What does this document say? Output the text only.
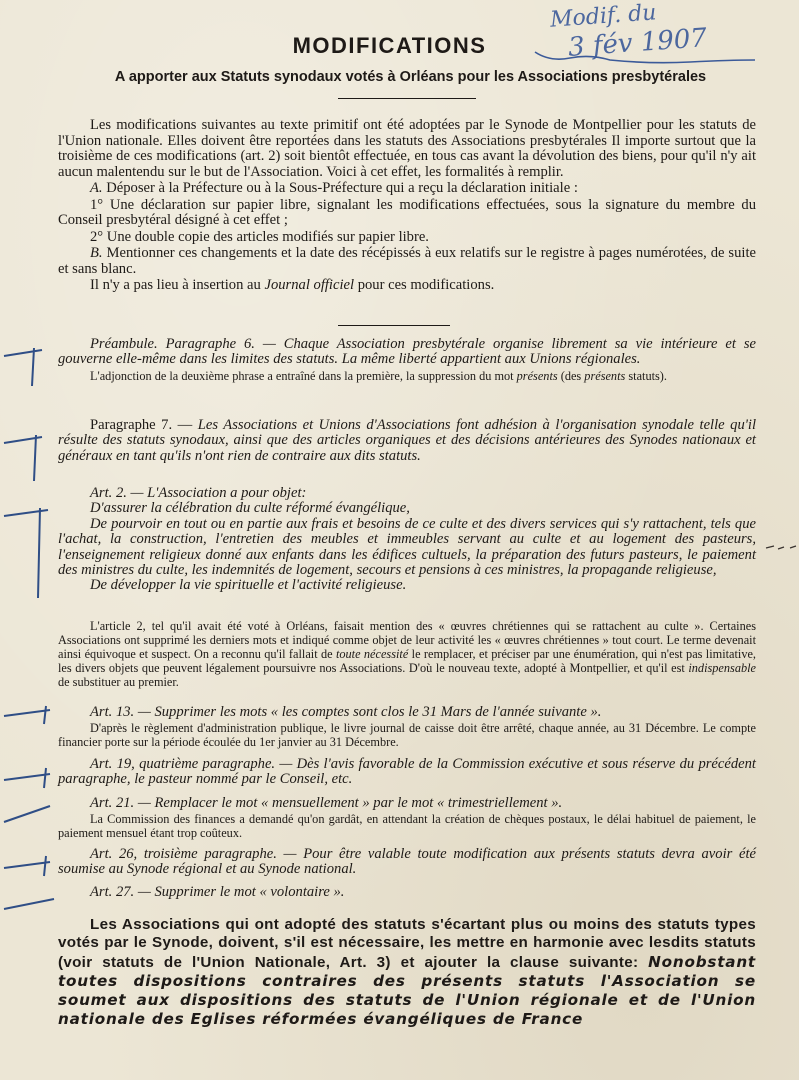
MODIFICATIONS
Modif. du
3 fév 1907
A apporter aux Statuts synodaux votés à Orléans pour les Associations presbytérales

Les modifications suivantes au texte primitif ont été adoptées par le Synode de Montpellier pour les statuts de l'Union nationale. Elles doivent être reportées dans les statuts des Associations presbytérales Il importe surtout que la troisième de ces modifications (art. 2) soit bientôt effectuée, en tous cas avant la dévolution des biens, pour qu'il n'y ait aucun malentendu sur le but de l'Association. Voici à cet effet, les formalités à remplir.

A. Déposer à la Préfecture ou à la Sous-Préfecture qui a reçu la déclaration initiale :

1° Une déclaration sur papier libre, signalant les modifications effectuées, sous la signature du membre du Conseil presbytéral désigné à cet effet ;

2° Une double copie des articles modifiés sur papier libre.

B. Mentionner ces changements et la date des récépissés à eux relatifs sur le registre à pages numérotées, de suite et sans blanc.

Il n'y a pas lieu à insertion au Journal officiel pour ces modifications.

Préambule. Paragraphe 6. — Chaque Association presbytérale organise librement sa vie intérieure et se gouverne elle-même dans les limites des statuts. La même liberté appartient aux Unions régionales.

L'adjonction de la deuxième phrase a entraîné dans la première, la suppression du mot présents (des présents statuts).

Paragraphe 7. — Les Associations et Unions d'Associations font adhésion à l'organisation synodale telle qu'il résulte des statuts synodaux, ainsi que des articles organiques et des décisions antérieures des Synodes nationaux et généraux en tant qu'ils n'ont rien de contraire aux dits statuts.

Art. 2. — L'Association a pour objet:

D'assurer la célébration du culte réformé évangélique,

De pourvoir en tout ou en partie aux frais et besoins de ce culte et des divers services qui s'y rattachent, tels que l'achat, la construction, l'entretien des meubles et immeubles servant au culte et au logement des pasteurs, l'enseignement religieux donné aux enfants dans les édifices cultuels, la préparation des futurs pasteurs, le paiement des ministres du culte, les indemnités de logement, secours et pensions à ces ministres, la propagande religieuse,

De développer la vie spirituelle et l'activité religieuse.

L'article 2, tel qu'il avait été voté à Orléans, faisait mention des « œuvres chrétiennes qui se rattachent au culte ». Certaines Associations ont supprimé les derniers mots et indiqué comme objet de leur activité les « œuvres chrétiennes » tout court. Le terme devenait ainsi équivoque et suspect. On a reconnu qu'il fallait de toute nécessité le remplacer, et préciser par une énumération, qui n'est pas limitative, les divers objets que peuvent légalement poursuivre nos Associations. D'où le nouveau texte, adopté à Montpellier, et qu'il est indispensable de substituer au premier.

Art. 13. — Supprimer les mots « les comptes sont clos le 31 Mars de l'année suivante ».

D'après le règlement d'administration publique, le livre journal de caisse doit être arrêté, chaque année, au 31 Décembre. Le compte financier porte sur la période écoulée du 1er janvier au 31 Décembre.

Art. 19, quatrième paragraphe. — Dès l'avis favorable de la Commission exécutive et sous réserve du précédent paragraphe, le pasteur nommé par le Conseil, etc.

Art. 21. — Remplacer le mot « mensuellement » par le mot « trimestriellement ».

La Commission des finances a demandé qu'on gardât, en attendant la création de chèques postaux, le délai habituel de paiement, le paiement mensuel étant trop coûteux.

Art. 26, troisième paragraphe. — Pour être valable toute modification aux présents statuts devra avoir été soumise au Synode régional et au Synode national.

Art. 27. — Supprimer le mot « volontaire ».

Les Associations qui ont adopté des statuts s'écartant plus ou moins des statuts types votés par le Synode, doivent, s'il est nécessaire, les mettre en harmonie avec lesdits statuts (voir statuts de l'Union Nationale, Art. 3) et ajouter la clause suivante: Nonobstant toutes dispositions contraires des présents statuts l'Association se soumet aux dispositions des statuts de l'Union régionale et de l'Union nationale des Eglises réformées évangéliques de France
